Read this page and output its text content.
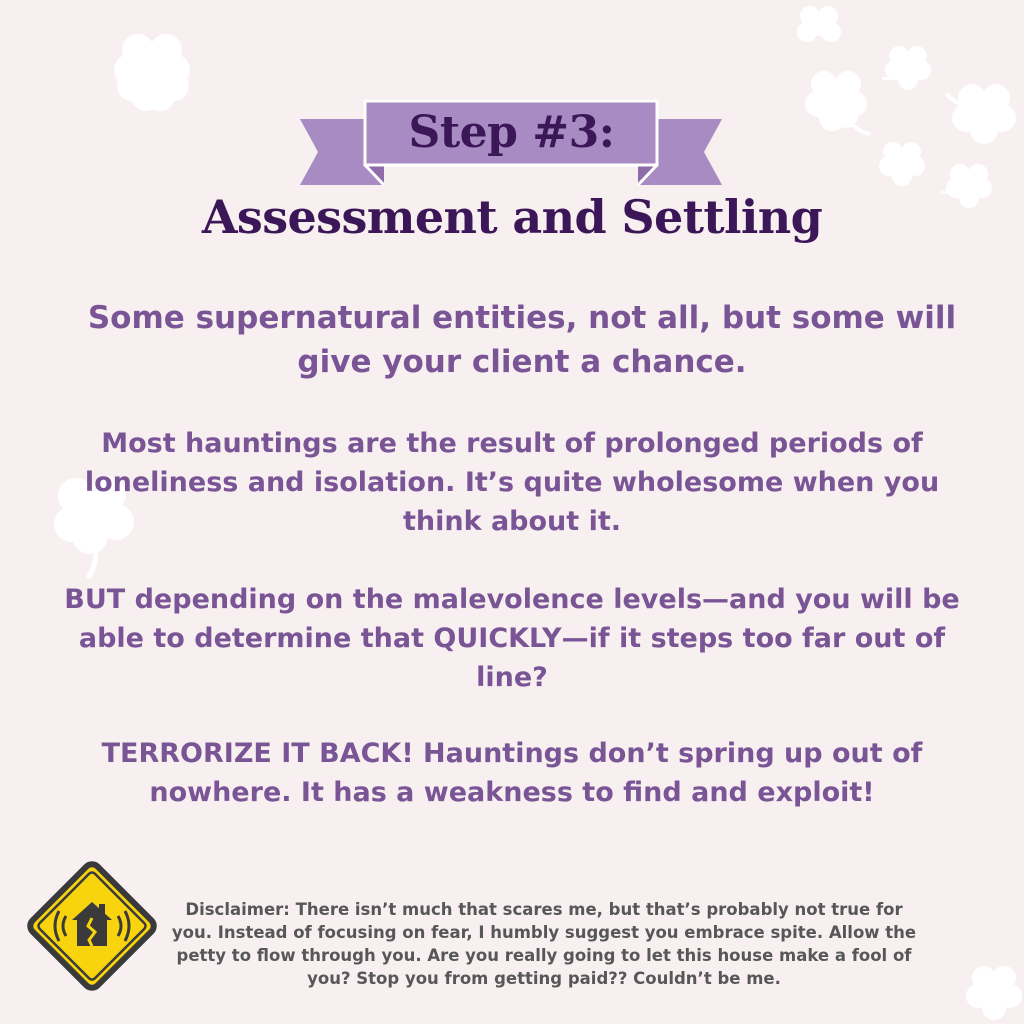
Step #3:
Assessment and Settling

Some supernatural entities, not all, but some will give your client a chance.

Most hauntings are the result of prolonged periods of loneliness and isolation. It’s quite wholesome when you think about it.

BUT depending on the malevolence levels—and you will be able to determine that QUICKLY—if it steps too far out of line?

TERRORIZE IT BACK! Hauntings don’t spring up out of nowhere. It has a weakness to find and exploit!

Disclaimer: There isn’t much that scares me, but that’s probably not true for you. Instead of focusing on fear, I humbly suggest you embrace spite. Allow the petty to flow through you. Are you really going to let this house make a fool of you? Stop you from getting paid?? Couldn’t be me.
